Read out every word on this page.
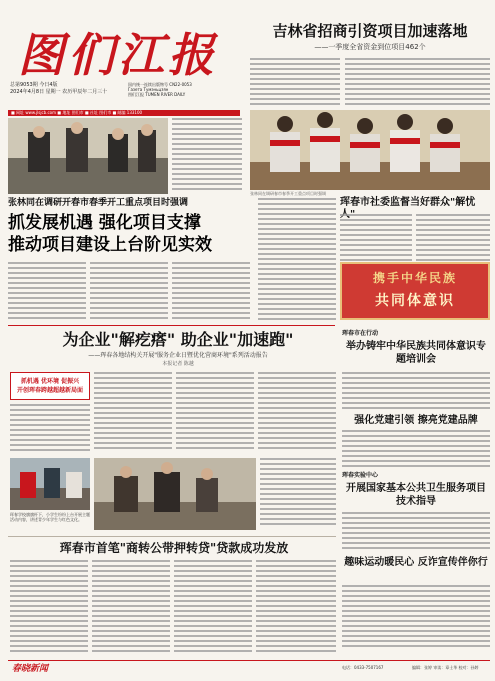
图们江报
总第9053期 今日4版
2024年4月8日 星期一 农历甲辰年二月三十
国内统一连续出版物号 CN22-0053
Газета Тумэньцзян
图们江报 TUMEN RIVER DAILY
■ 网址 www.jlsjcb.com ■ 地址 图们市 ■ 社址 图们市 ■ 邮编 133100
吉林省招商引资项目加速落地
——一季度全省资金到位项目462个
张林同在调研春市春季开工重点项目时强调
张林同在调研开春市春季开工重点项目时强调
抓发展机遇 强化项目支撑
推动项目建设上台阶见实效
珲春市社委监督当好群众"解忧
携手中华民族
共同体意识
为企业"解疙瘩" 助企业"加速跑"
——珲春各地结构关开展"服务企业日暨优化营商环境"系列活动报告
本报记者 陈越
抓机遇 优环境 促振兴
开创珲春跨越超越新局面
珲春学校旗旗杆下，小学生纷纷上台开展主题活动内容，讲述青少年学生与红色文化。
珲春市在行动
举办铸牢中华民族共同体意识专题培训会
强化党建引领 擦亮党建品牌
珲春实验中心
开展国家基本公共卫生服务项目技术指导
趣味运动暖民心 反诈宣传伴你行
珲春市首笔"商转公带押转贷"贷款成功发放
春晓新闻	电话：0433-7507167	编辑：张婷 审读：章士华 校对：孙婷
